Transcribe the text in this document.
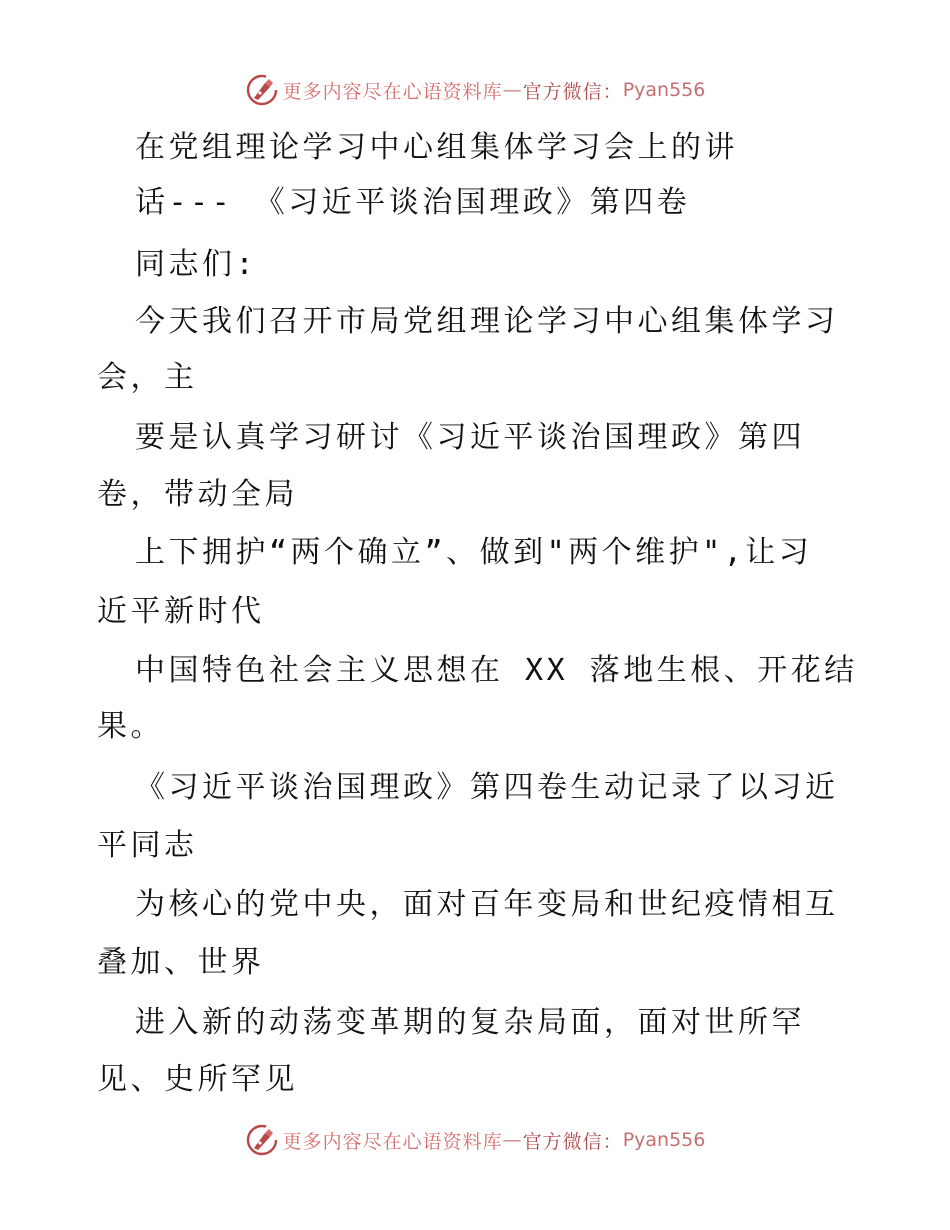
更多内容尽在心语资料库 — 官方微信： Pyan556
在党组理论学习中心组集体学习会上的讲
话--- 《习近平谈治国理政》第四卷
同志们:
今天我们召开市局党组理论学习中心组集体学习
会，主
要是认真学习研讨《习近平谈治国理政》第四
卷，带动全局
上下拥护“两个确立”、做到"两个维护",让习
近平新时代
中国特色社会主义思想在 XX 落地生根、开花结
果。
《习近平谈治国理政》第四卷生动记录了以习近
平同志
为核心的党中央，面对百年变局和世纪疫情相互
叠加、世界
进入新的动荡变革期的复杂局面，面对世所罕
见、史所罕见
更多内容尽在心语资料库 — 官方微信： Pyan556
